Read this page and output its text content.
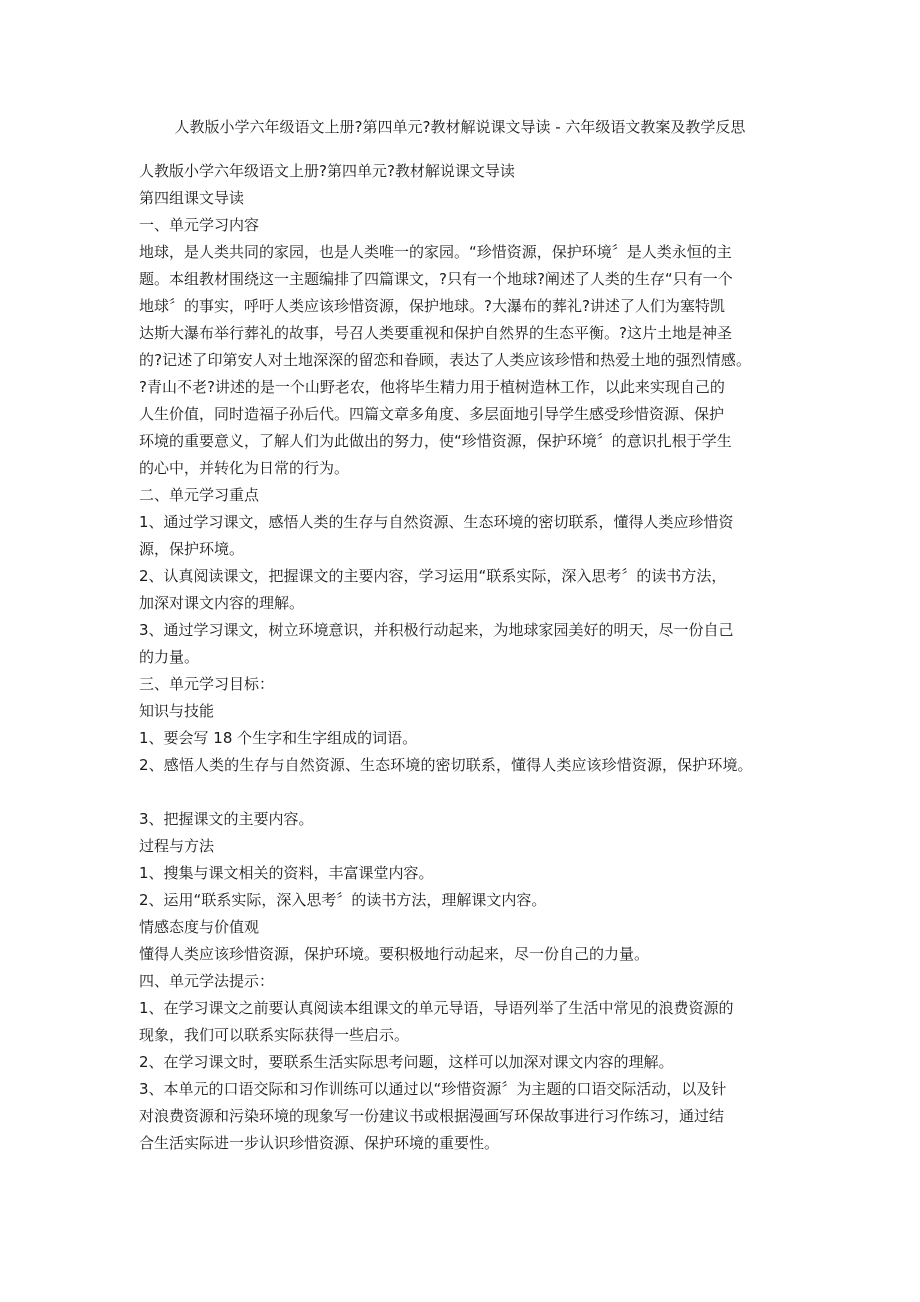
人教版小学六年级语文上册?第四单元?教材解说课文导读 - 六年级语文教案及教学反思
人教版小学六年级语文上册?第四单元?教材解说课文导读
第四组课文导读
一、单元学习内容
地球，是人类共同的家园，也是人类唯一的家园。“珍惜资源，保护环境〞是人类永恒的主
题。本组教材围绕这一主题编排了四篇课文，?只有一个地球?阐述了人类的生存“只有一个
地球〞的事实，呼吁人类应该珍惜资源，保护地球。?大瀑布的葬礼?讲述了人们为塞特凯
达斯大瀑布举行葬礼的故事，号召人类要重视和保护自然界的生态平衡。?这片土地是神圣
的?记述了印第安人对土地深深的留恋和眷顾，表达了人类应该珍惜和热爱土地的强烈情感。
?青山不老?讲述的是一个山野老农，他将毕生精力用于植树造林工作，以此来实现自己的
人生价值，同时造福子孙后代。四篇文章多角度、多层面地引导学生感受珍惜资源、保护
环境的重要意义，了解人们为此做出的努力，使“珍惜资源，保护环境〞的意识扎根于学生
的心中，并转化为日常的行为。
二、单元学习重点
1、通过学习课文，感悟人类的生存与自然资源、生态环境的密切联系，懂得人类应珍惜资
源，保护环境。
2、认真阅读课文，把握课文的主要内容，学习运用“联系实际，深入思考〞的读书方法，
加深对课文内容的理解。
3、通过学习课文，树立环境意识，并积极行动起来，为地球家园美好的明天，尽一份自己
的力量。
三、单元学习目标：
知识与技能
1、要会写 18 个生字和生字组成的词语。
2、感悟人类的生存与自然资源、生态环境的密切联系，懂得人类应该珍惜资源，保护环境。
3、把握课文的主要内容。
过程与方法
1、搜集与课文相关的资料，丰富课堂内容。
2、运用“联系实际，深入思考〞的读书方法，理解课文内容。
情感态度与价值观
懂得人类应该珍惜资源，保护环境。要积极地行动起来，尽一份自己的力量。
四、单元学法提示：
1、在学习课文之前要认真阅读本组课文的单元导语，导语列举了生活中常见的浪费资源的
现象，我们可以联系实际获得一些启示。
2、在学习课文时，要联系生活实际思考问题，这样可以加深对课文内容的理解。
3、本单元的口语交际和习作训练可以通过以“珍惜资源〞为主题的口语交际活动，以及针
对浪费资源和污染环境的现象写一份建议书或根据漫画写环保故事进行习作练习，通过结
合生活实际进一步认识珍惜资源、保护环境的重要性。
